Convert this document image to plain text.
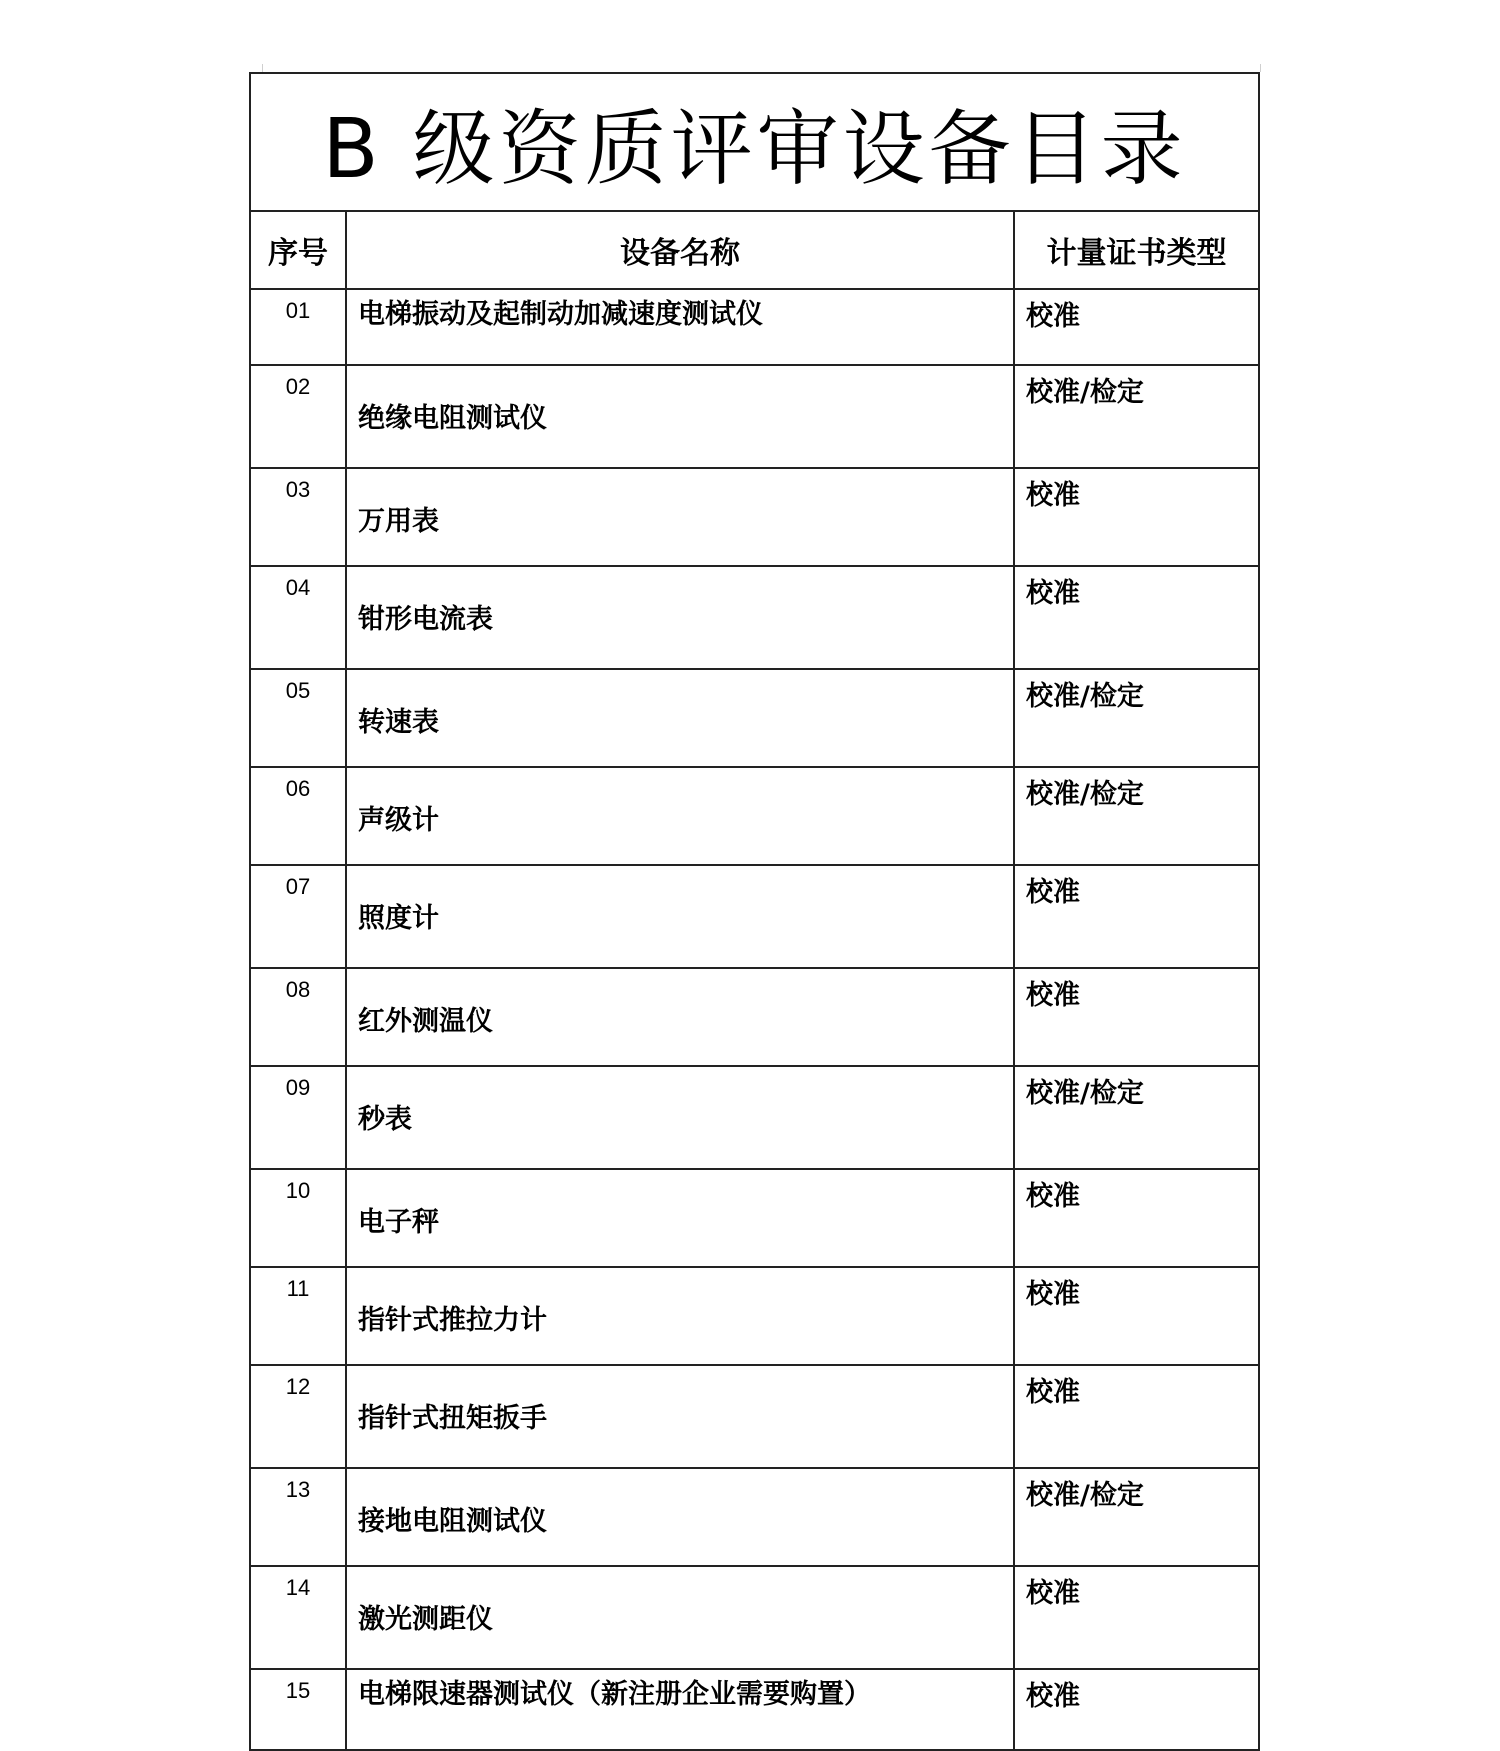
B 级资质评审设备目录		
序号	设备名称	计量证书类型
01	电梯振动及起制动加减速度测试仪	校准
02	绝缘电阻测试仪	校准/检定
03	万用表	校准
04	钳形电流表	校准
05	转速表	校准/检定
06	声级计	校准/检定
07	照度计	校准
08	红外测温仪	校准
09	秒表	校准/检定
10	电子秤	校准
11	指针式推拉力计	校准
12	指针式扭矩扳手	校准
13	接地电阻测试仪	校准/检定
14	激光测距仪	校准
15	电梯限速器测试仪（新注册企业需要购置）	校准
